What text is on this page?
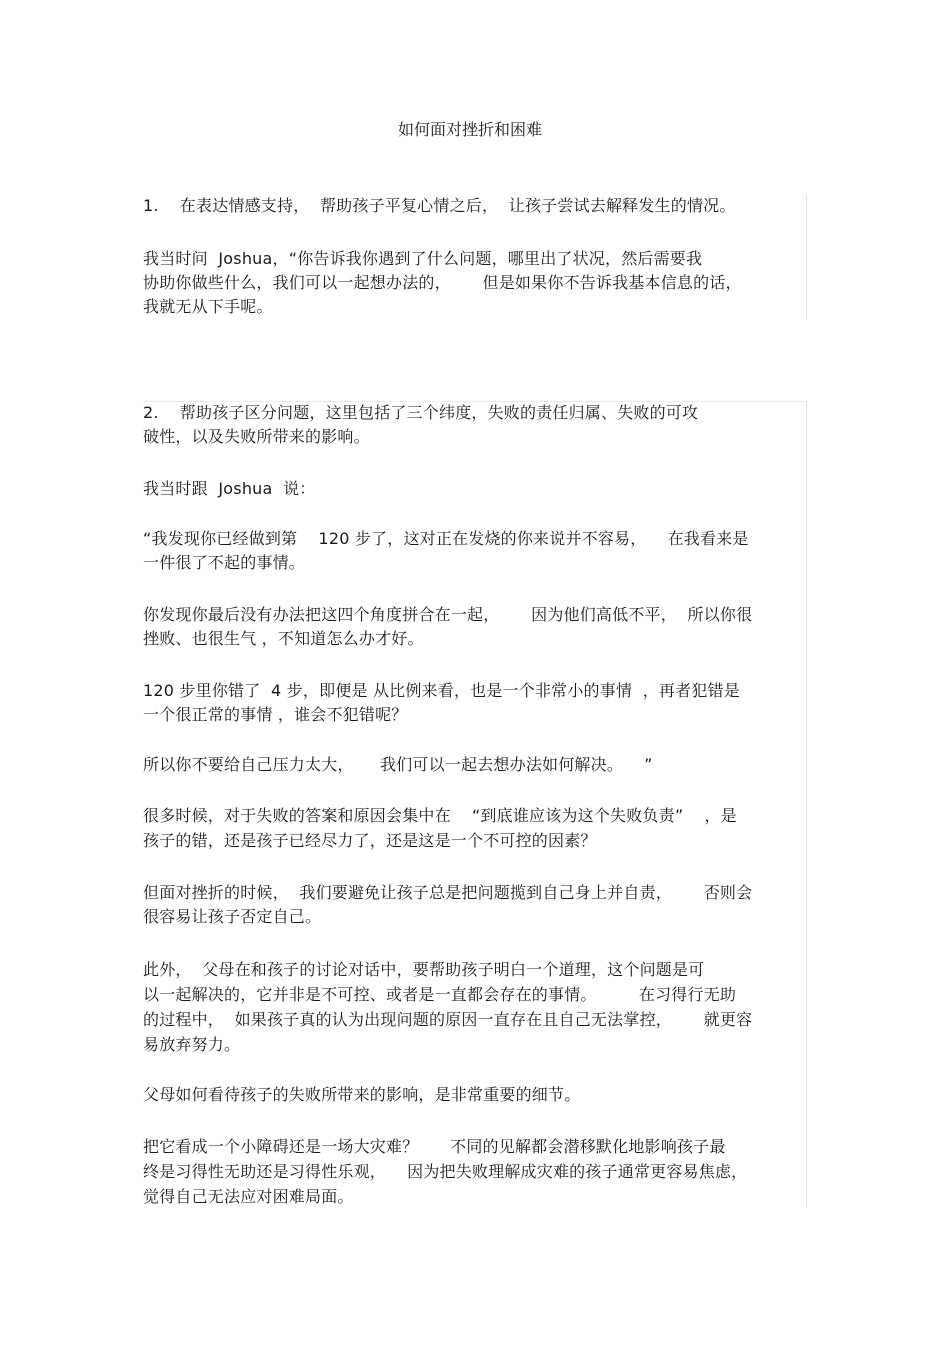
如何面对挫折和困难
1.    在表达情感支持，  帮助孩子平复心情之后，  让孩子尝试去解释发生的情况。
我当时问  Joshua，“你告诉我你遇到了什么问题，哪里出了状况，然后需要我
协助你做些什么，我们可以一起想办法的，      但是如果你不告诉我基本信息的话，
我就无从下手呢。
2.    帮助孩子区分问题，这里包括了三个纬度，失败的责任归属、失败的可攻
破性，以及失败所带来的影响。
我当时跟  Joshua  说：
“我发现你已经做到第    120 步了，这对正在发烧的你来说并不容易，    在我看来是
一件很了不起的事情。
你发现你最后没有办法把这四个角度拼合在一起，      因为他们高低不平，  所以你很
挫败、也很生气 ，不知道怎么办才好。
120 步里你错了  4 步，即便是 从比例来看，也是一个非常小的事情  ，再者犯错是
一个很正常的事情 ，谁会不犯错呢？
所以你不要给自己压力太大，     我们可以一起去想办法如何解决。    ”
很多时候，对于失败的答案和原因会集中在    “到底谁应该为这个失败负责”    ，是
孩子的错，还是孩子已经尽力了，还是这是一个不可控的因素？
但面对挫折的时候，  我们要避免让孩子总是把问题揽到自己身上并自责，      否则会
很容易让孩子否定自己。
此外，  父母在和孩子的讨论对话中，要帮助孩子明白一个道理，这个问题是可
以一起解决的，它并非是不可控、或者是一直都会存在的事情。        在习得行无助
的过程中，  如果孩子真的认为出现问题的原因一直存在且自己无法掌控，      就更容
易放弃努力。
父母如何看待孩子的失败所带来的影响，是非常重要的细节。
把它看成一个小障碍还是一场大灾难？      不同的见解都会潜移默化地影响孩子最
终是习得性无助还是习得性乐观，    因为把失败理解成灾难的孩子通常更容易焦虑，
觉得自己无法应对困难局面。
